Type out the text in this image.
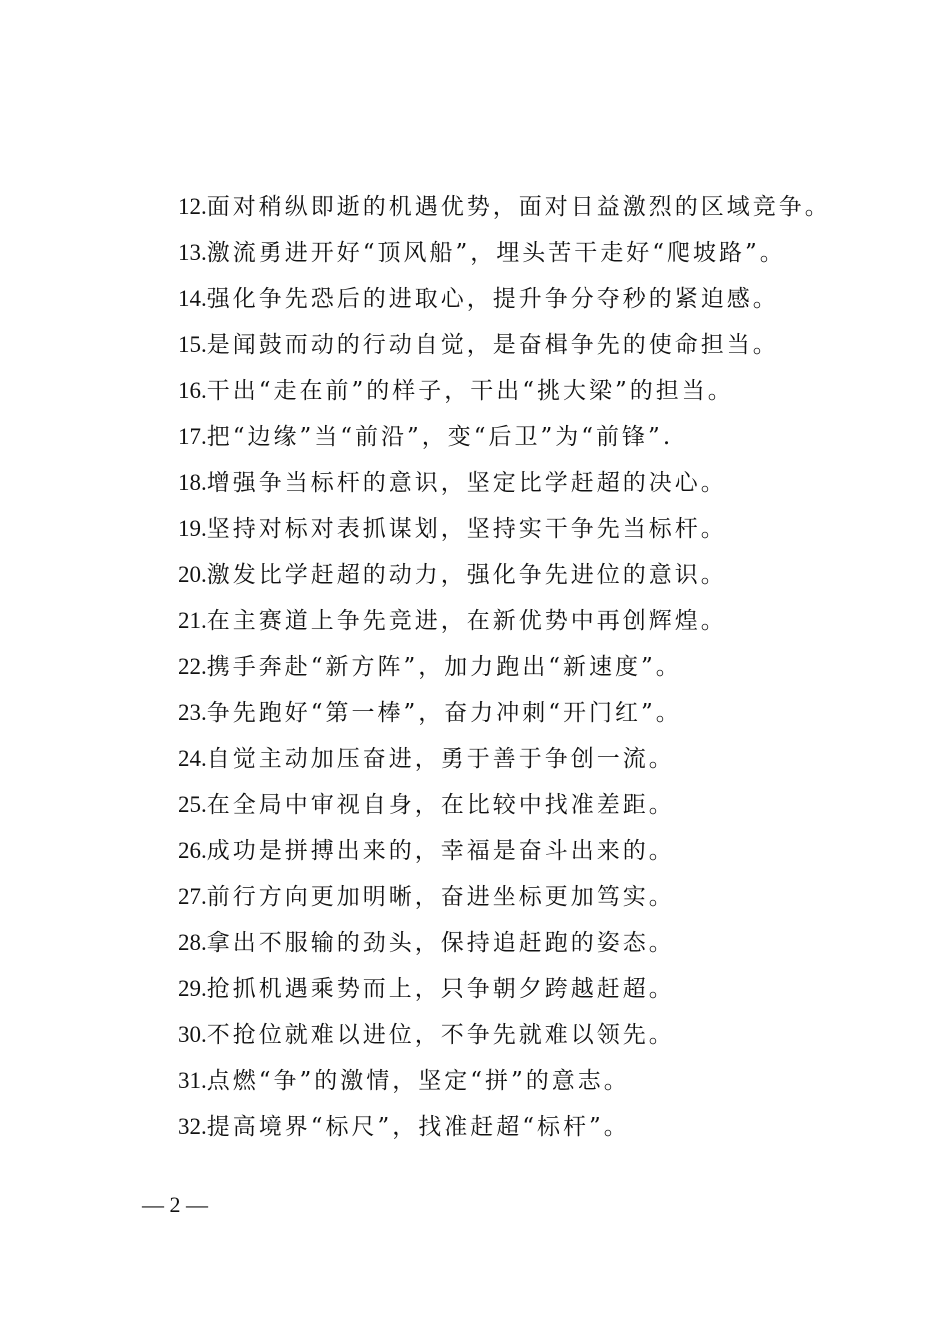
12.面对稍纵即逝的机遇优势，面对日益激烈的区域竞争。
13.激流勇进开好“顶风船”，埋头苦干走好“爬坡路”。
14.强化争先恐后的进取心，提升争分夺秒的紧迫感。
15.是闻鼓而动的行动自觉，是奋楫争先的使命担当。
16.干出“走在前”的样子，干出“挑大梁”的担当。
17.把“边缘”当“前沿”，变“后卫”为“前锋”.
18.增强争当标杆的意识，坚定比学赶超的决心。
19.坚持对标对表抓谋划，坚持实干争先当标杆。
20.激发比学赶超的动力，强化争先进位的意识。
21.在主赛道上争先竞进，在新优势中再创辉煌。
22.携手奔赴“新方阵”，加力跑出“新速度”。
23.争先跑好“第一棒”，奋力冲刺“开门红”。
24.自觉主动加压奋进，勇于善于争创一流。
25.在全局中审视自身，在比较中找准差距。
26.成功是拼搏出来的，幸福是奋斗出来的。
27.前行方向更加明晰，奋进坐标更加笃实。
28.拿出不服输的劲头，保持追赶跑的姿态。
29.抢抓机遇乘势而上，只争朝夕跨越赶超。
30.不抢位就难以进位，不争先就难以领先。
31.点燃“争”的激情，坚定“拼”的意志。
32.提高境界“标尺”，找准赶超“标杆”。
— 2 —
